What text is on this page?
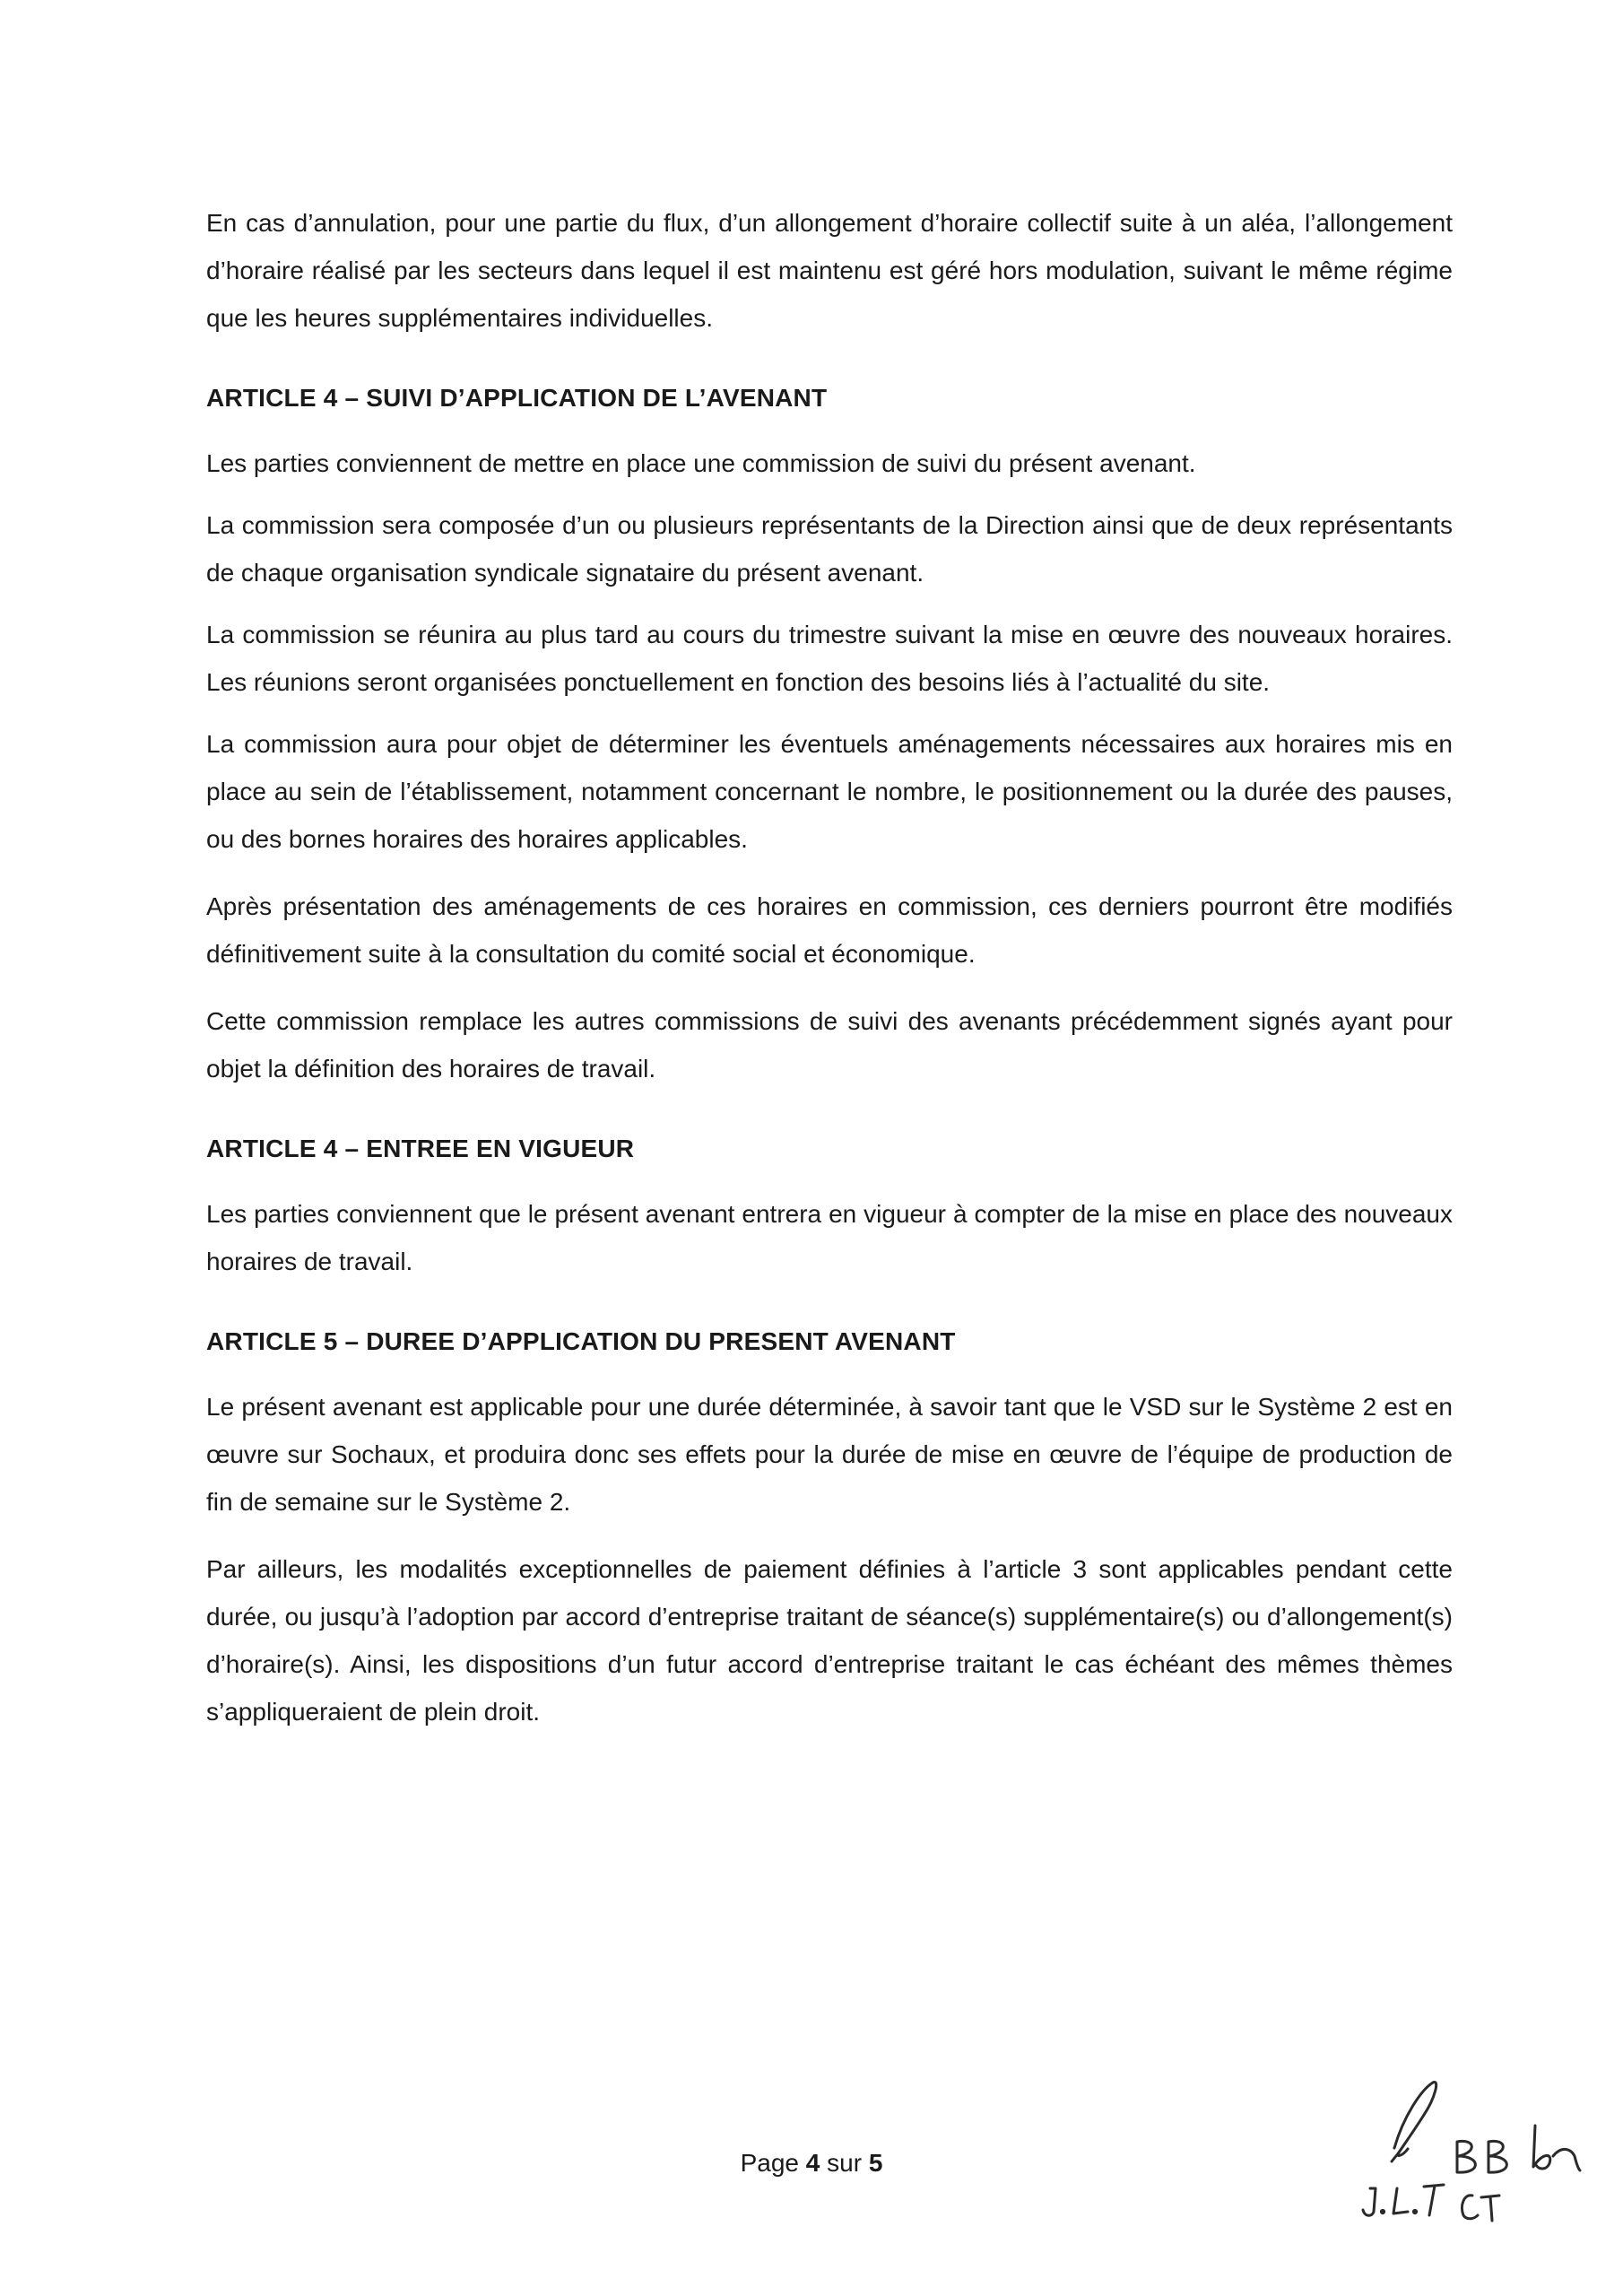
En cas d’annulation, pour une partie du flux, d’un allongement d’horaire collectif suite à un aléa, l’allongement d’horaire réalisé par les secteurs dans lequel il est maintenu est géré hors modulation, suivant le même régime que les heures supplémentaires individuelles.

ARTICLE 4 – SUIVI D’APPLICATION DE L’AVENANT

Les parties conviennent de mettre en place une commission de suivi du présent avenant.

La commission sera composée d’un ou plusieurs représentants de la Direction ainsi que de deux représentants de chaque organisation syndicale signataire du présent avenant.

La commission se réunira au plus tard au cours du trimestre suivant la mise en œuvre des nouveaux horaires. Les réunions seront organisées ponctuellement en fonction des besoins liés à l’actualité du site.

La commission aura pour objet de déterminer les éventuels aménagements nécessaires aux horaires mis en place au sein de l’établissement, notamment concernant le nombre, le positionnement ou la durée des pauses, ou des bornes horaires des horaires applicables.

Après présentation des aménagements de ces horaires en commission, ces derniers pourront être modifiés définitivement suite à la consultation du comité social et économique.

Cette commission remplace les autres commissions de suivi des avenants précédemment signés ayant pour objet la définition des horaires de travail.

ARTICLE 4 – ENTREE EN VIGUEUR

Les parties conviennent que le présent avenant entrera en vigueur à compter de la mise en place des nouveaux horaires de travail.

ARTICLE 5 – DUREE D’APPLICATION DU PRESENT AVENANT

Le présent avenant est applicable pour une durée déterminée, à savoir tant que le VSD sur le Système 2 est en œuvre sur Sochaux, et produira donc ses effets pour la durée de mise en œuvre de l’équipe de production de fin de semaine sur le Système 2.

Par ailleurs, les modalités exceptionnelles de paiement définies à l’article 3 sont applicables pendant cette durée, ou jusqu’à l’adoption par accord d’entreprise traitant de séance(s) supplémentaire(s) ou d’allongement(s) d’horaire(s). Ainsi, les dispositions d’un futur accord d’entreprise traitant le cas échéant des mêmes thèmes s’appliqueraient de plein droit.

Page 4 sur 5
